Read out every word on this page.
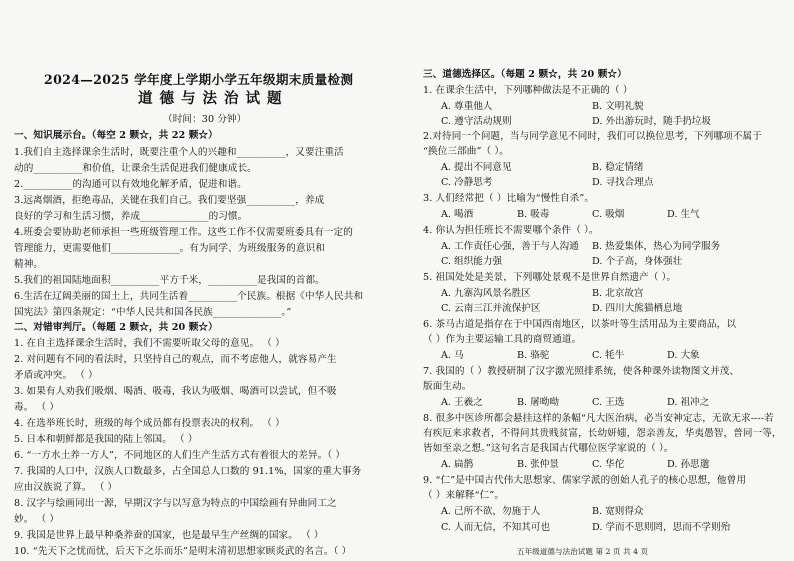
2024—2025 学年度上学期小学五年级期末质量检测
道德与法治试题
（时间：30 分钟）
一、知识展示台。（每空 2 颗☆，共 22 颗☆）
1.我们自主选择课余生活时，既要注重个人的兴趣和__________，又要注重活
动的__________和价值，让课余生活促进我们健康成长。
2.__________的沟通可以有效地化解矛盾，促进和谐。
3.远离烟酒，拒绝毒品，关键在我们自己。我们要坚强__________，养成
良好的学习和生活习惯，养成______________的习惯。
4.班委会要协助老师承担一些班级管理工作。这些工作不仅需要班委具有一定的
管理能力，更需要他们______________。有为同学、为班级服务的意识和
精神。
5.我们的祖国陆地面积__________平方千米，__________是我国的首都。
6.生活在辽阔美丽的国土上，共同生活着__________个民族。根据《中华人民共和
国宪法》第四条规定：“中华人民共和国各民族______________。”
二、对错审判厅。（每题 2 颗☆，共 20 颗☆）
1. 在自主选择课余生活时，我们不需要听取父母的意见。 （ ）
2. 对问题有不同的看法时，只坚持自己的观点，而不考虑他人，就容易产生
矛盾或冲突。 （ ）
3. 如果有人劝我们吸烟、喝酒、吸毒，我认为吸烟、喝酒可以尝试，但不吸
毒。 （ ）
4. 在选举班长时，班级的每个成员都有投票表决的权利。 （ ）
5. 日本和朝鲜都是我国的陆上邻国。 （ ）
6. “一方水土养一方人”，不同地区的人们生产生活方式有着很大的差异。（ ）
7. 我国的人口中，汉族人口数最多，占全国总人口数的 91.1%，国家的重大事务
应由汉族说了算。 （ ）
8. 汉字与绘画同出一源，早期汉字与以写意为特点的中国绘画有异曲同工之
妙。 （ ）
9. 我国是世界上最早种桑养蚕的国家，也是最早生产丝绸的国家。 （ ）
10. “先天下之忧而忧，后天下之乐而乐”是明末清初思想家顾炎武的名言。（ ）
三、道德选择区。（每题 2 颗☆，共 20 颗☆）
1. 在课余生活中，下列哪种做法是不正确的（ ）
A. 尊重他人	B. 文明礼貌
C. 遵守活动规则	D. 外出游玩时，随手扔垃圾
2.对待同一个问题，当与同学意见不同时，我们可以换位思考，下列哪项不属于
“换位三部曲”（ ）。
A. 提出不同意见	B. 稳定情绪
C. 冷静思考	D. 寻找合理点
3. 人们经常把（ ）比喻为“慢性自杀”。
A. 喝酒	B. 吸毒	C. 吸烟	D. 生气
4. 你认为担任班长不需要哪个条件（ ）。
A. 工作责任心强，善于与人沟通 B. 热爱集体，热心为同学服务
C. 组织能力强	D. 个子高，身体强壮
5. 祖国处处是美景，下列哪处景观不是世界自然遗产（ ）。
A. 九寨沟风景名胜区	B. 北京故宫
C. 云南三江并流保护区	D. 四川大熊猫栖息地
6. 茶马古道是指存在于中国西南地区，以茶叶等生活用品为主要商品，以
（ ）作为主要运输工具的商贸通道。
A. 马	B. 骆驼	C. 牦牛	D. 大象
7. 我国的（ ）教授研制了汉字激光照排系统，使各种课外读物图文并茂、
版面生动。
A. 王羲之	B. 屠呦呦	C. 王选	D. 祖冲之
8. 很多中医诊所都会悬挂这样的条幅“凡大医治病，必当安神定志，无欲无求----若
有疾厄来求救者，不得问其贵贱贫富，长幼妍媸，怨亲善友，华夷愚智，普同一等，
皆如至亲之想。”这句名言是我国古代哪位医学家说的（ ）。
A. 扁鹊	B. 张仲景	C. 华佗	D. 孙思邈
9. “仁”是中国古代伟大思想家、儒家学派的创始人孔子的核心思想，他曾用
（ ）来解释“仁”。
A. 己所不欲，勿施于人	B. 宽则得众
C. 人而无信，不知其可也	D. 学而不思则罔，思而不学则殆
五年级道德与法治试题 第 2 页 共 4 页
